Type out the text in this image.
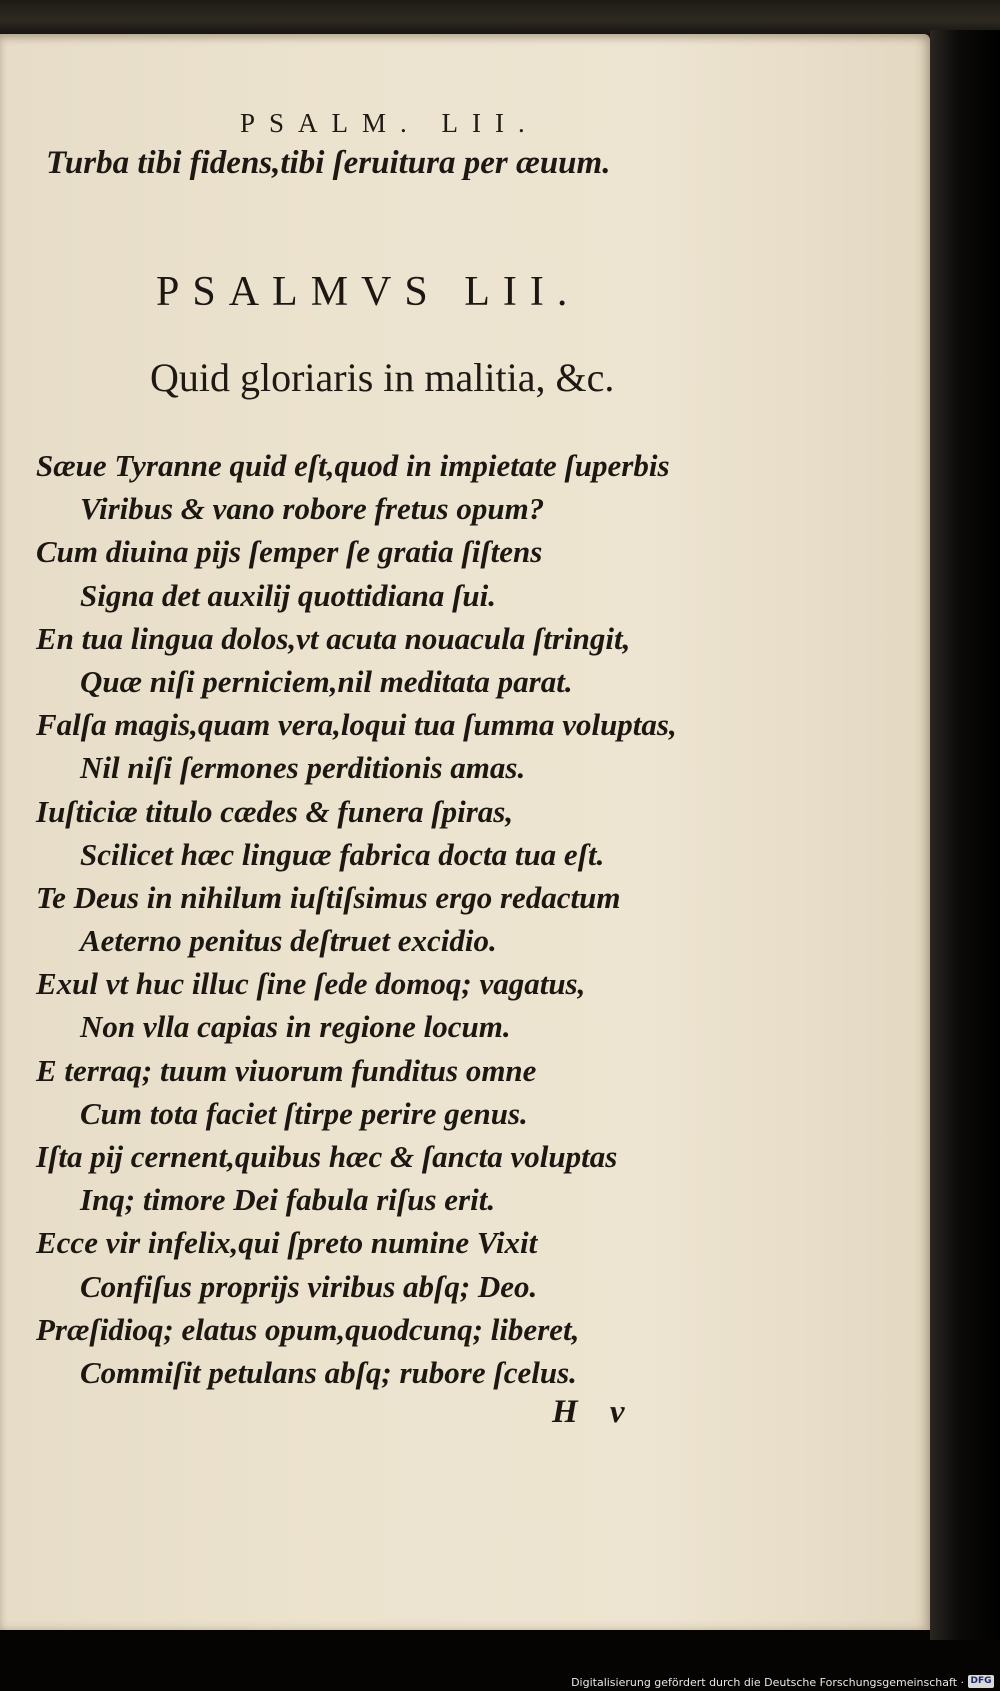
PSALM. LII.
Turba tibi fidens,tibi ſeruitura per æuum.
PSALMVS LII.
Quid gloriaris in malitia, &c.
Sæue Tyranne quid eſt,quod in impietate ſuperbis
Viribus & vano robore fretus opum?
Cum diuina pijs ſemper ſe gratia ſiſtens
Signa det auxilij quottidiana ſui.
En tua lingua dolos,vt acuta nouacula ſtringit,
Quæ niſi perniciem,nil meditata parat.
Falſa magis,quam vera,loqui tua ſumma voluptas,
Nil niſi ſermones perditionis amas.
Iuſticiæ titulo cædes & funera ſpiras,
Scilicet hæc linguæ fabrica docta tua eſt.
Te Deus in nihilum iuſtiſsimus ergo redactum
Aeterno penitus deſtruet excidio.
Exul vt huc illuc ſine ſede domoq; vagatus,
Non vlla capias in regione locum.
E terraq; tuum viuorum funditus omne
Cum tota faciet ſtirpe perire genus.
Iſta pij cernent,quibus hæc & ſancta voluptas
Inq; timore Dei fabula riſus erit.
Ecce vir infelix,qui ſpreto numine Vixit
Confiſus proprijs viribus abſq; Deo.
Præſidioq; elatus opum,quodcunq; liberet,
Commiſit petulans abſq; rubore ſcelus.
H v
Digitalisierung gefördert durch die Deutsche Forschungsgemeinschaft · DFG
